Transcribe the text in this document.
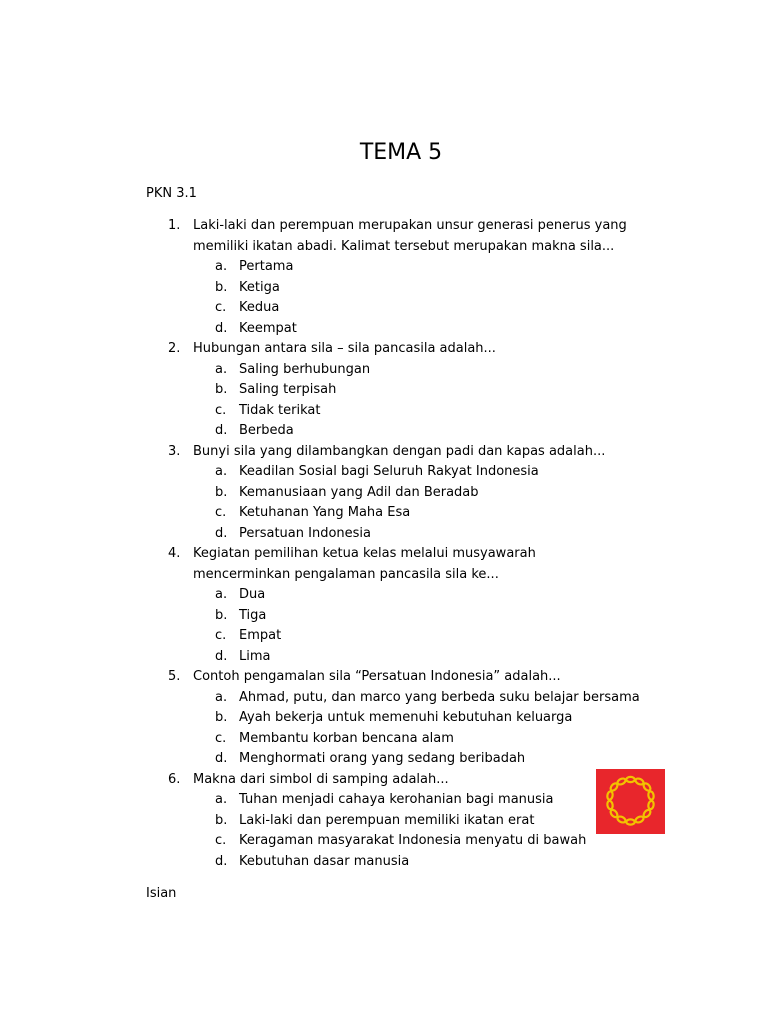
TEMA 5
PKN 3.1
1. Laki-laki dan perempuan merupakan unsur generasi penerus yang memiliki ikatan abadi. Kalimat tersebut merupakan makna sila...
a. Pertama
b. Ketiga
c. Kedua
d. Keempat
2. Hubungan antara sila – sila pancasila adalah...
a. Saling berhubungan
b. Saling terpisah
c. Tidak terikat
d. Berbeda
3. Bunyi sila yang dilambangkan dengan padi dan kapas adalah...
a. Keadilan Sosial bagi Seluruh Rakyat Indonesia
b. Kemanusiaan yang Adil dan Beradab
c. Ketuhanan Yang Maha Esa
d. Persatuan Indonesia
4. Kegiatan pemilihan ketua kelas melalui musyawarah mencerminkan pengalaman pancasila sila ke...
a. Dua
b. Tiga
c. Empat
d. Lima
5. Contoh pengamalan sila “Persatuan Indonesia” adalah...
a. Ahmad, putu, dan marco yang berbeda suku belajar bersama
b. Ayah bekerja untuk memenuhi kebutuhan keluarga
c. Membantu korban bencana alam
d. Menghormati orang yang sedang beribadah
6. Makna dari simbol di samping adalah...
a. Tuhan menjadi cahaya kerohanian bagi manusia
b. Laki-laki dan perempuan memiliki ikatan erat
c. Keragaman masyarakat Indonesia menyatu di bawah
d. Kebutuhan dasar manusia
Isian
